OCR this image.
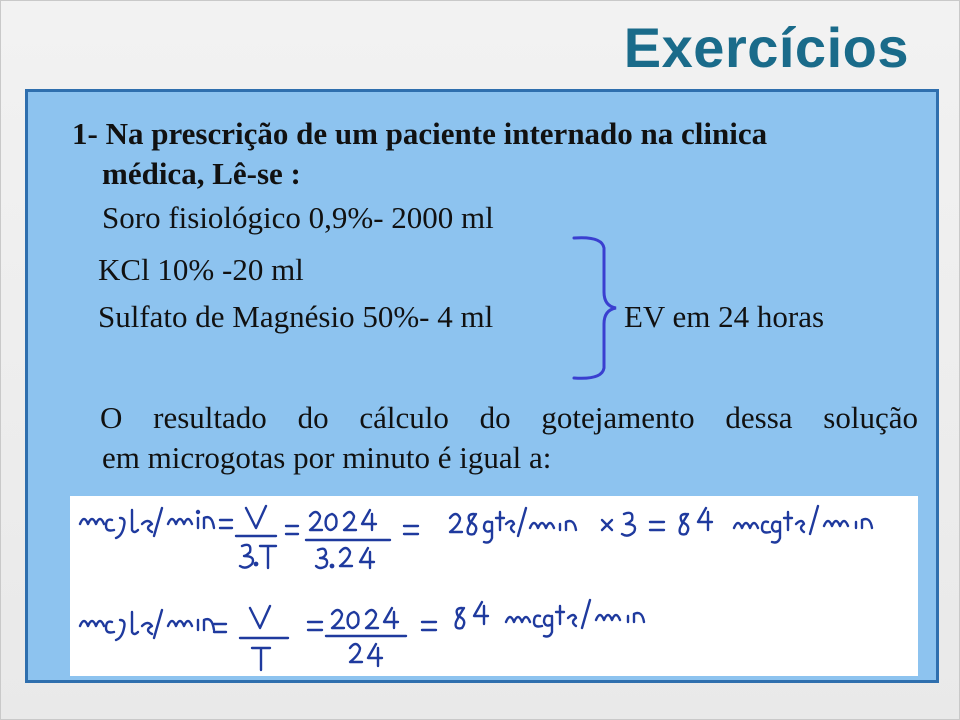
Exercícios
1- Na prescrição de um paciente internado na clinica
médica, Lê-se :
Soro fisiológico 0,9%- 2000 ml
KCl 10% -20 ml
Sulfato de Magnésio 50%- 4 ml	EV em 24 horas
O resultado do cálculo do gotejamento dessa solução
em microgotas por minuto é igual a:
